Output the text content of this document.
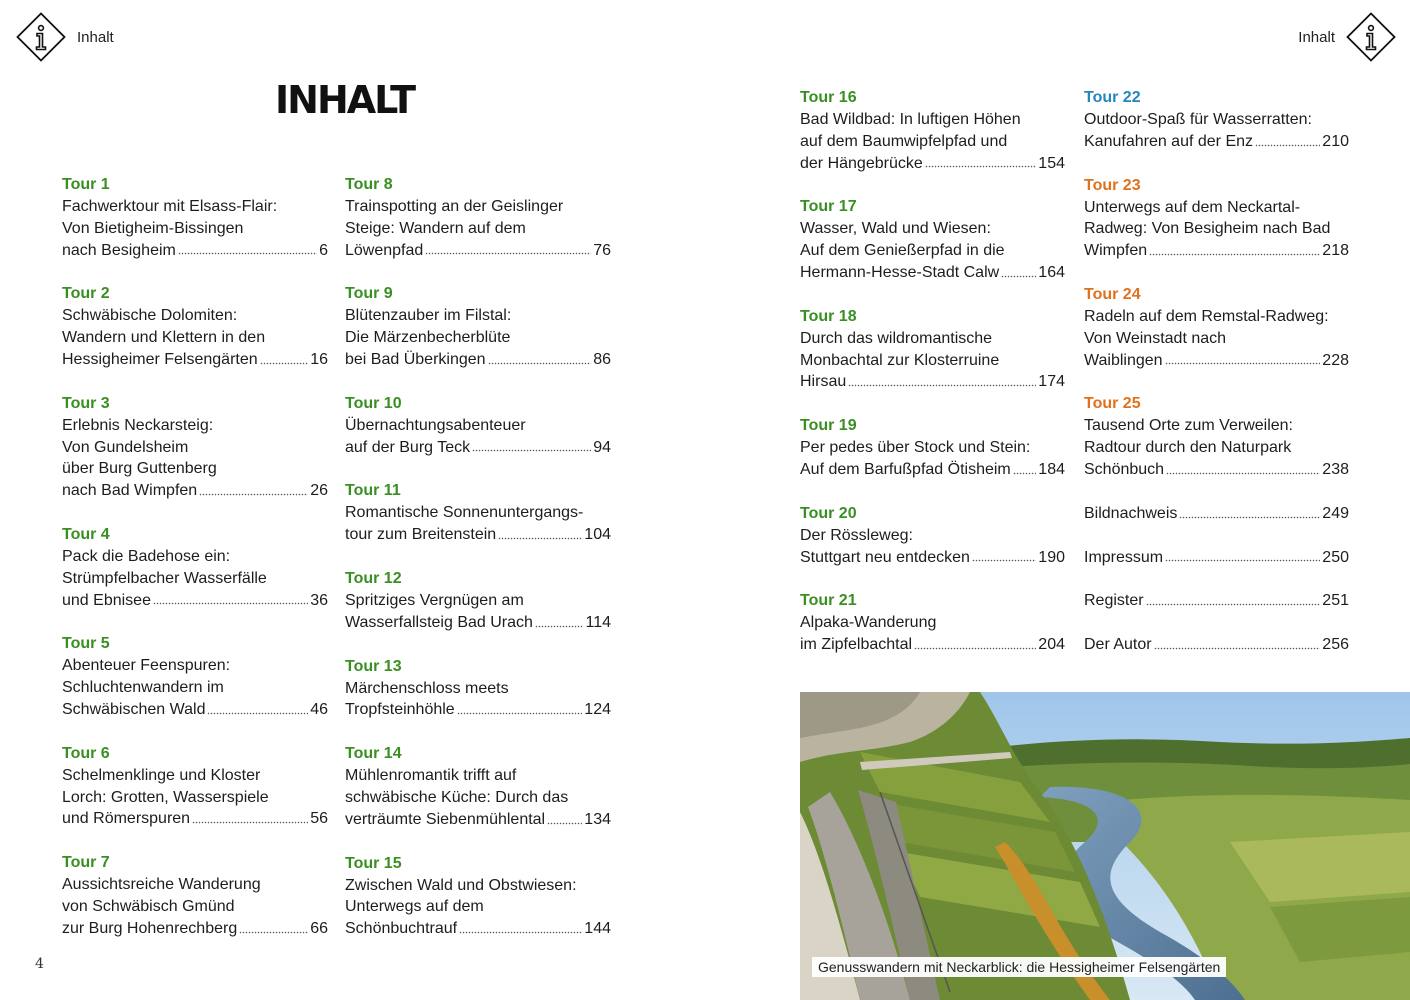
Inhalt	Inhalt
INHALT
Tour 1
Fachwerktour mit Elsass-Flair:
Von Bietigheim-Bissingen
nach Besigheim	6
Tour 2
Schwäbische Dolomiten:
Wandern und Klettern in den
Hessigheimer Felsengärten	16
Tour 3
Erlebnis Neckarsteig:
Von Gundelsheim
über Burg Guttenberg
nach Bad Wimpfen	26
Tour 4
Pack die Badehose ein:
Strümpfelbacher Wasserfälle
und Ebnisee	36
Tour 5
Abenteuer Feenspuren:
Schluchtenwandern im
Schwäbischen Wald	46
Tour 6
Schelmenklinge und Kloster
Lorch: Grotten, Wasserspiele
und Römerspuren	56
Tour 7
Aussichtsreiche Wanderung
von Schwäbisch Gmünd
zur Burg Hohenrechberg	66
Tour 8
Trainspotting an der Geislinger
Steige: Wandern auf dem
Löwenpfad	76
Tour 9
Blütenzauber im Filstal:
Die Märzenbecherblüte
bei Bad Überkingen	86
Tour 10
Übernachtungsabenteuer
auf der Burg Teck	94
Tour 11
Romantische Sonnenuntergangs-
tour zum Breitenstein	104
Tour 12
Spritziges Vergnügen am
Wasserfallsteig Bad Urach	114
Tour 13
Märchenschloss meets
Tropfsteinhöhle	124
Tour 14
Mühlenromantik trifft auf
schwäbische Küche: Durch das
verträumte Siebenmühlental 134
Tour 15
Zwischen Wald und Obstwiesen:
Unterwegs auf dem
Schönbuchtrauf	144
Tour 16
Bad Wildbad: In luftigen Höhen
auf dem Baumwipfelpfad und
der Hängebrücke	154
Tour 17
Wasser, Wald und Wiesen:
Auf dem Genießerpfad in die
Hermann-Hesse-Stadt Calw 164
Tour 18
Durch das wildromantische
Monbachtal zur Klosterruine
Hirsau	174
Tour 19
Per pedes über Stock und Stein:
Auf dem Barfußpfad Ötisheim 184
Tour 20
Der Rössleweg:
Stuttgart neu entdecken	190
Tour 21
Alpaka-Wanderung
im Zipfelbachtal	204
Tour 22
Outdoor-Spaß für Wasserratten:
Kanufahren auf der Enz	210
Tour 23
Unterwegs auf dem Neckartal-
Radweg: Von Besigheim nach Bad
Wimpfen	218
Tour 24
Radeln auf dem Remstal-Radweg:
Von Weinstadt nach
Waiblingen	228
Tour 25
Tausend Orte zum Verweilen:
Radtour durch den Naturpark
Schönbuch	238
Bildnachweis	249
Impressum	250
Register	251
Der Autor	256
Genusswandern mit Neckarblick: die Hessigheimer Felsengärten
4
